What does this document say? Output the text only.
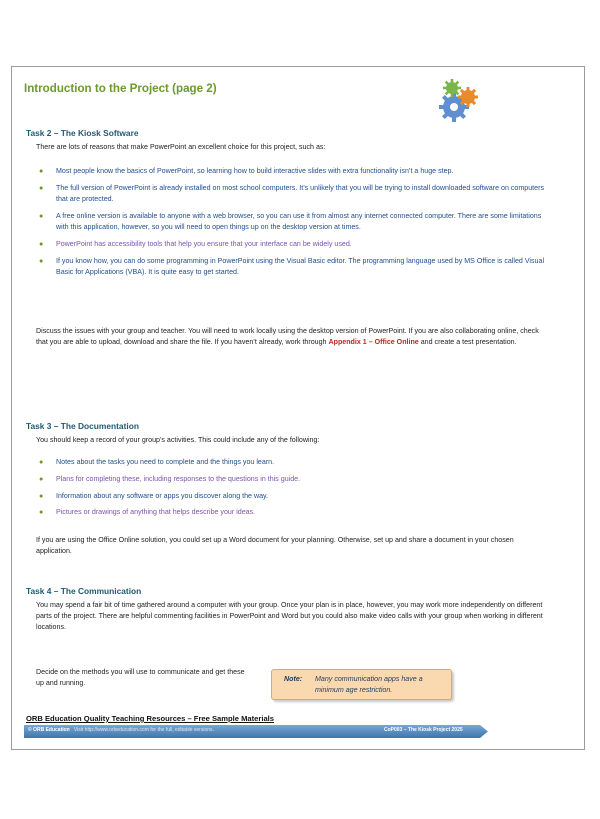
Introduction to the Project (page 2)
Task 2 – The Kiosk Software

There are lots of reasons that make PowerPoint an excellent choice for this project, such as:

● Most people know the basics of PowerPoint, so learning how to build interactive slides with extra functionality isn’t a huge step.
● The full version of PowerPoint is already installed on most school computers. It’s unlikely that you will be trying to install downloaded software on computers that are protected.
● A free online version is available to anyone with a web browser, so you can use it from almost any internet connected computer. There are some limitations with this application, however, so you will need to open things up on the desktop version at times.
● PowerPoint has accessibility tools that help you ensure that your interface can be widely used.
● If you know how, you can do some programming in PowerPoint using the Visual Basic editor. The programming language used by MS Office is called Visual Basic for Applications (VBA). It is quite easy to get started.

Discuss the issues with your group and teacher. You will need to work locally using the desktop version of PowerPoint. If you are also collaborating online, check that you are able to upload, download and share the file. If you haven’t already, work through Appendix 1 – Office Online and create a test presentation.

Task 3 – The Documentation

You should keep a record of your group’s activities. This could include any of the following:

● Notes about the tasks you need to complete and the things you learn.
● Plans for completing these, including responses to the questions in this guide.
● Information about any software or apps you discover along the way.
● Pictures or drawings of anything that helps describe your ideas.

If you are using the Office Online solution, you could set up a Word document for your planning. Otherwise, set up and share a document in your chosen application.

Task 4 – The Communication

You may spend a fair bit of time gathered around a computer with your group. Once your plan is in place, however, you may work more independently on different parts of the project. There are helpful commenting facilities in PowerPoint and Word but you could also make video calls with your group when working in different locations.

Decide on the methods you will use to communicate and get these up and running.

Note: Many communication apps have a minimum age restriction.

ORB Education Quality Teaching Resources – Free Sample Materials

© ORB Education Visit http://www.orbeducation.com for the full, editable versions.	CoP003 – The Kiosk Project 2025
